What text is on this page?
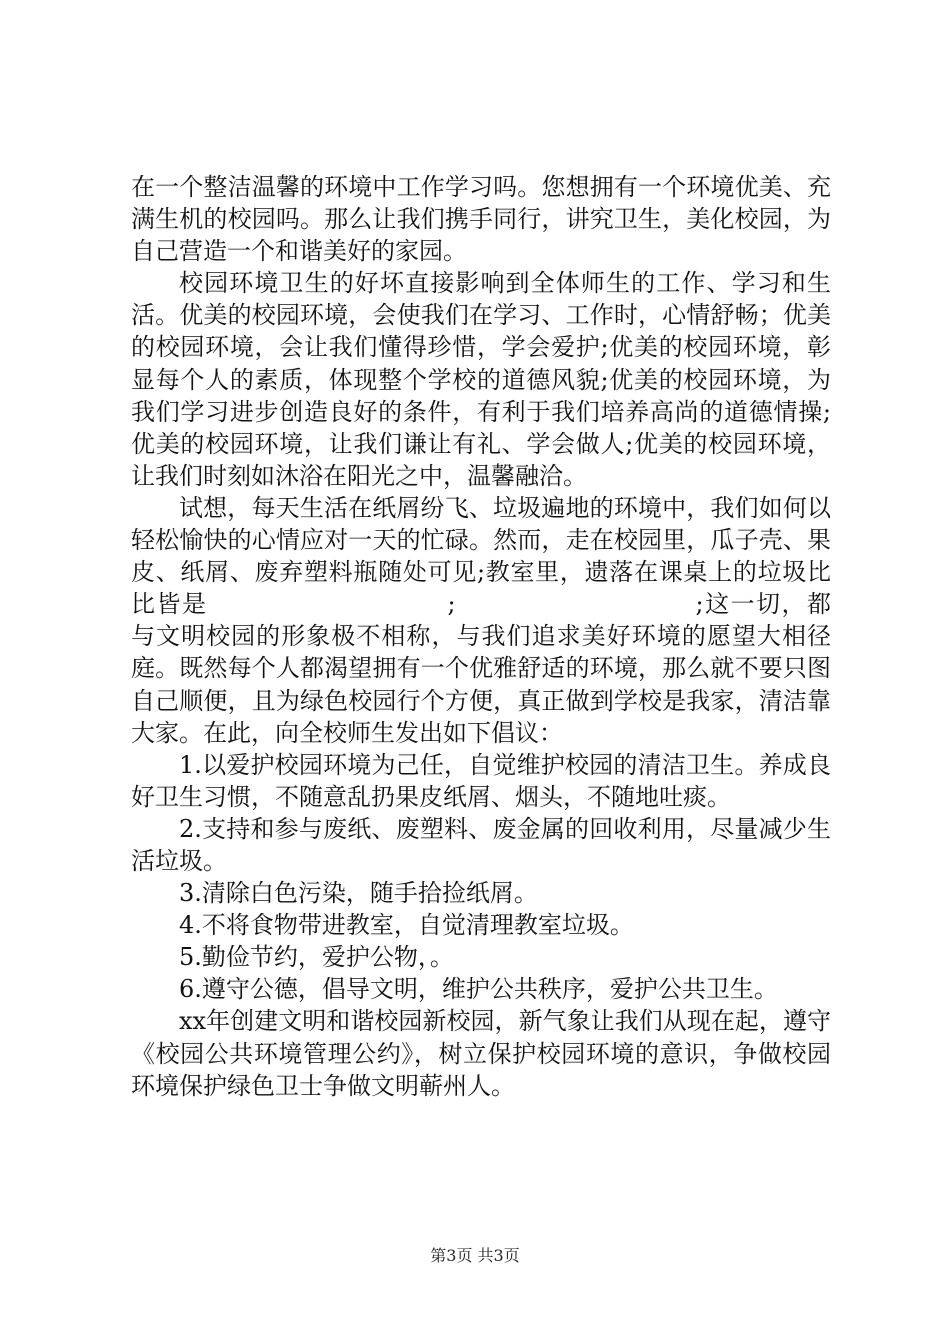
在一个整洁温馨的环境中工作学习吗。您想拥有一个环境优美、充满生机的校园吗。那么让我们携手同行，讲究卫生，美化校园，为自己营造一个和谐美好的家园。

校园环境卫生的好坏直接影响到全体师生的工作、学习和生活。优美的校园环境，会使我们在学习、工作时，心情舒畅；优美的校园环境，会让我们懂得珍惜，学会爱护;优美的校园环境，彰显每个人的素质，体现整个学校的道德风貌;优美的校园环境，为我们学习进步创造良好的条件，有利于我们培养高尚的道德情操;优美的校园环境，让我们谦让有礼、学会做人;优美的校园环境，让我们时刻如沐浴在阳光之中，温馨融洽。

试想，每天生活在纸屑纷飞、垃圾遍地的环境中，我们如何以轻松愉快的心情应对一天的忙碌。然而，走在校园里，瓜子壳、果皮、纸屑、废弃塑料瓶随处可见;教室里，遗落在课桌上的垃圾比比皆是	;	;这一切，都与文明校园的形象极不相称，与我们追求美好环境的愿望大相径庭。既然每个人都渴望拥有一个优雅舒适的环境，那么就不要只图自己顺便，且为绿色校园行个方便，真正做到学校是我家，清洁靠大家。在此，向全校师生发出如下倡议：

1.以爱护校园环境为己任，自觉维护校园的清洁卫生。养成良好卫生习惯，不随意乱扔果皮纸屑、烟头，不随地吐痰。

2.支持和参与废纸、废塑料、废金属的回收利用，尽量减少生活垃圾。

3.清除白色污染，随手拾捡纸屑。

4.不将食物带进教室，自觉清理教室垃圾。

5.勤俭节约，爱护公物，。

6.遵守公德，倡导文明，维护公共秩序，爱护公共卫生。

xx年创建文明和谐校园新校园，新气象让我们从现在起，遵守《校园公共环境管理公约》，树立保护校园环境的意识，争做校园环境保护绿色卫士争做文明蕲州人。

第3页 共3页
